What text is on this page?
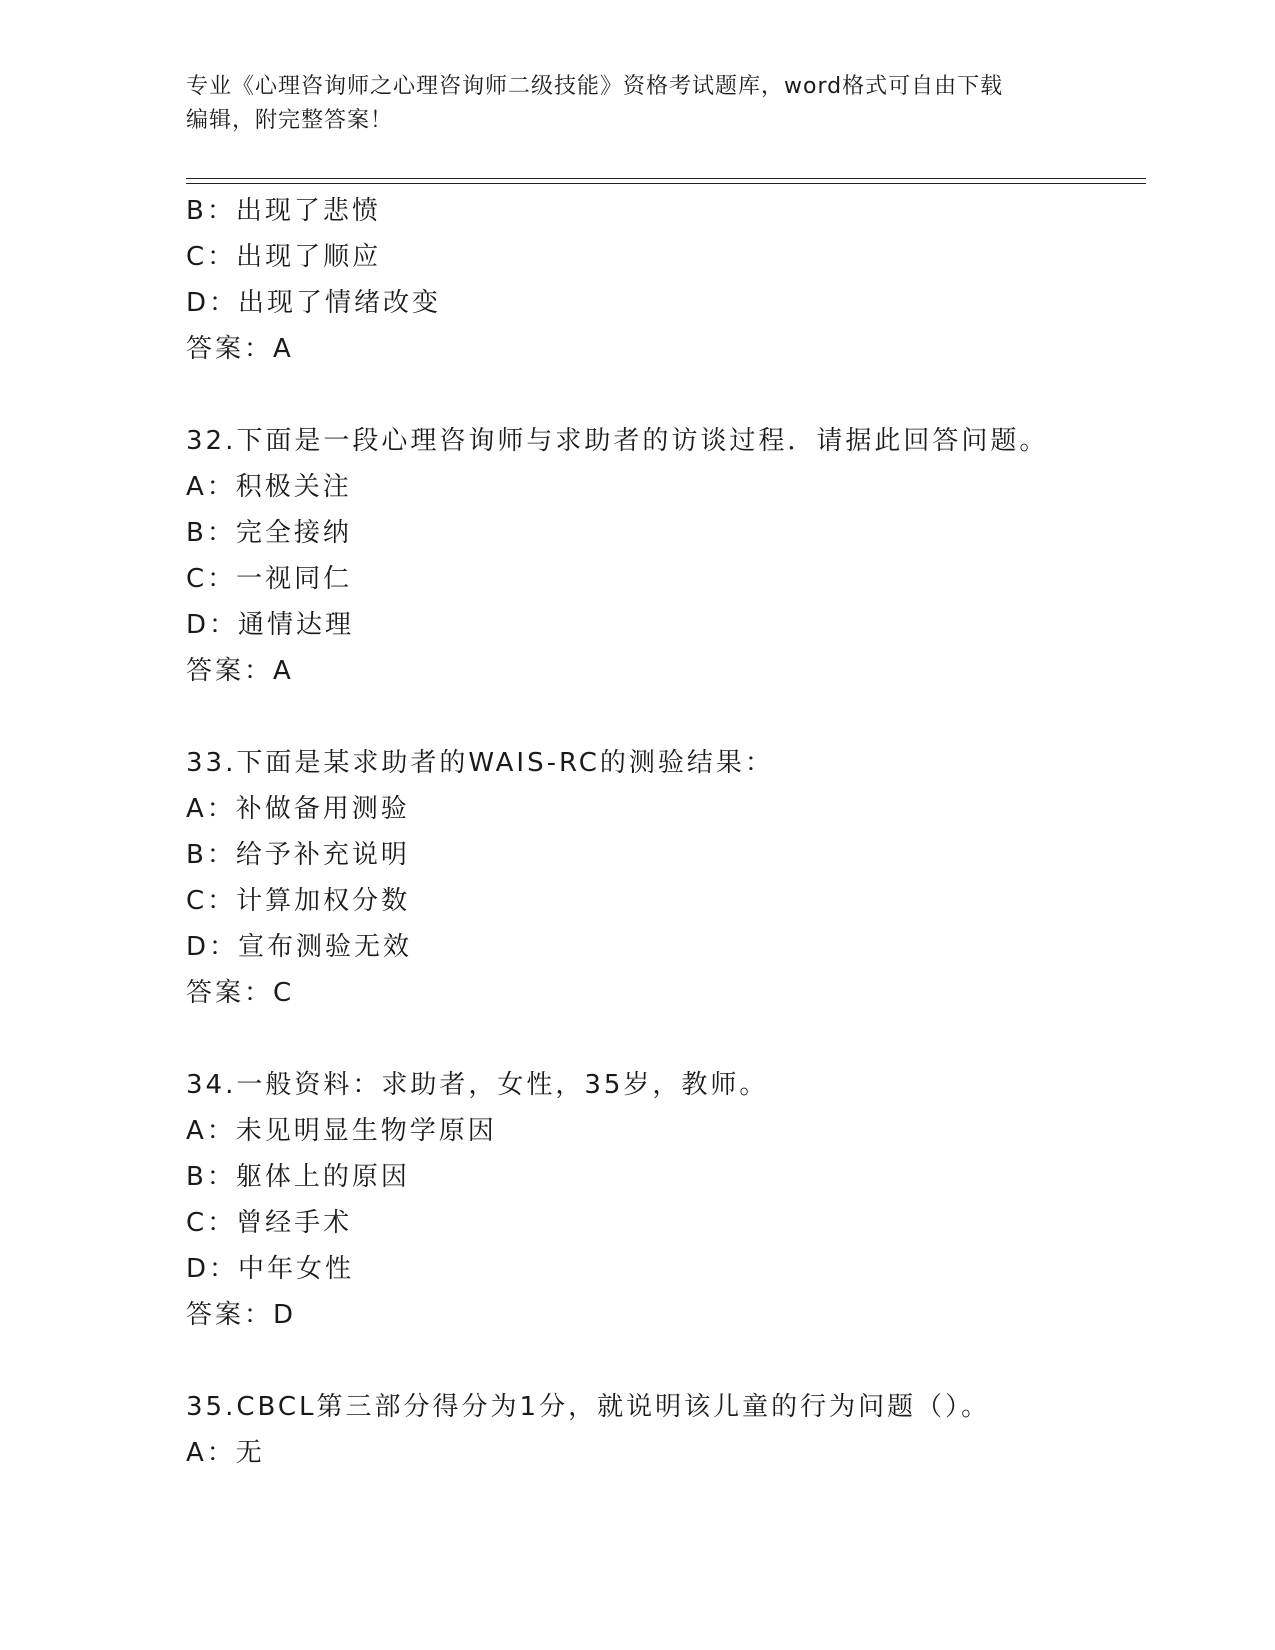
专业《心理咨询师之心理咨询师二级技能》资格考试题库，word格式可自由下载
编辑，附完整答案！
B：出现了悲愤
C：出现了顺应
D：出现了情绪改变
答案：A
32.下面是一段心理咨询师与求助者的访谈过程．请据此回答问题。
A：积极关注
B：完全接纳
C：一视同仁
D：通情达理
答案：A
33.下面是某求助者的WAIS-RC的测验结果：
A：补做备用测验
B：给予补充说明
C：计算加权分数
D：宣布测验无效
答案：C
34.一般资料：求助者，女性，35岁，教师。
A：未见明显生物学原因
B：躯体上的原因
C：曾经手术
D：中年女性
答案：D
35.CBCL第三部分得分为1分，就说明该儿童的行为问题（）。
A：无
